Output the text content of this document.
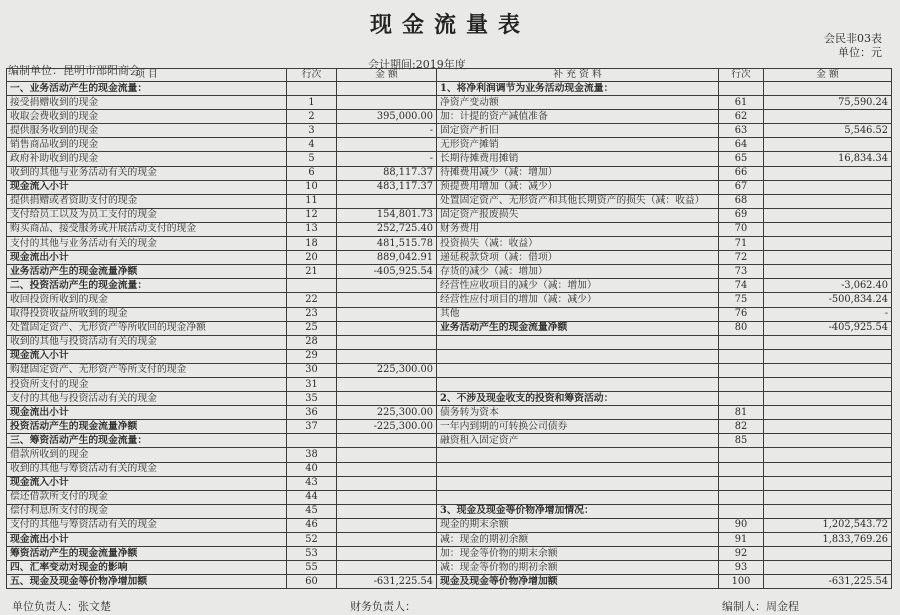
现金流量表
会民非03表
单位：元
编制单位：昆明市邵阳商会	会计期间:2019年度
项 目	行次	金 额	补 充 资 料	行次	金 额
一、业务活动产生的现金流量：			1、将净利润调节为业务活动现金流量：		
接受捐赠收到的现金	1		净资产变动额	61	75,590.24
收取会费收到的现金	2	395,000.00	加：计提的资产减值准备	62	
提供服务收到的现金	3	-	固定资产折旧	63	5,546.52
销售商品收到的现金	4		无形资产摊销	64	
政府补助收到的现金	5	-	长期待摊费用摊销	65	16,834.34
收到的其他与业务活动有关的现金	6	88,117.37	待摊费用减少（减：增加）	66	
现金流入小计	10	483,117.37	预提费用增加（减：减少）	67	
提供捐赠或者资助支付的现金	11		处置固定资产、无形资产和其他长期资产的损失（减：收益）	68	
支付给员工以及为员工支付的现金	12	154,801.73	固定资产报废损失	69	
购买商品、接受服务或开展活动支付的现金	13	252,725.40	财务费用	70	
支付的其他与业务活动有关的现金	18	481,515.78	投资损失（减：收益）	71	
现金流出小计	20	889,042.91	递延税款贷项（减：借项）	72	
业务活动产生的现金流量净额	21	-405,925.54	存货的减少（减：增加）	73	
二、投资活动产生的现金流量：			经营性应收项目的减少（减：增加）	74	-3,062.40
收回投资所收到的现金	22		经营性应付项目的增加（减：减少）	75	-500,834.24
取得投资收益所收到的现金	23		其他	76	-
处置固定资产、无形资产等所收回的现金净额	25		业务活动产生的现金流量净额	80	-405,925.54
收到的其他与投资活动有关的现金	28				
现金流入小计	29				
购建固定资产、无形资产等所支付的现金	30	225,300.00			
投资所支付的现金	31				
支付的其他与投资活动有关的现金	35		2、不涉及现金收支的投资和筹资活动：		
现金流出小计	36	225,300.00	债务转为资本	81	
投资活动产生的现金流量净额	37	-225,300.00	一年内到期的可转换公司债券	82	
三、筹资活动产生的现金流量：			融资租入固定资产	85	
借款所收到的现金	38				
收到的其他与筹资活动有关的现金	40				
现金流入小计	43				
偿还借款所支付的现金	44				
偿付利息所支付的现金	45		3、现金及现金等价物净增加情况：		
支付的其他与筹资活动有关的现金	46		现金的期末余额	90	1,202,543.72
现金流出小计	52		减：现金的期初余额	91	1,833,769.26
筹资活动产生的现金流量净额	53		加：现金等价物的期末余额	92	
四、汇率变动对现金的影响	55		减：现金等价物的期初余额	93	
五、现金及现金等价物净增加额	60	-631,225.54	现金及现金等价物净增加额	100	-631,225.54
单位负责人：张文楚	财务负责人：	编制人：周金程
